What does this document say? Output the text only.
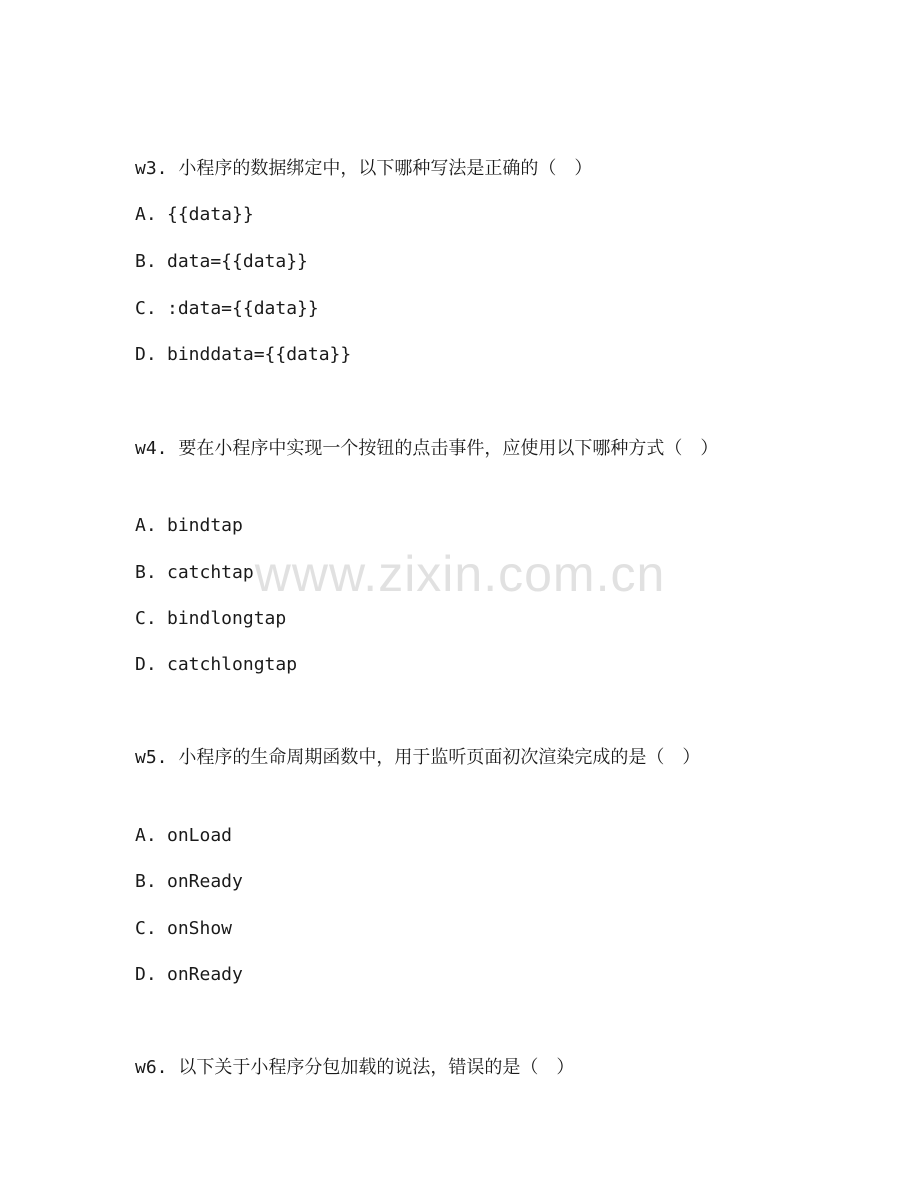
w3. 小程序的数据绑定中，以下哪种写法是正确的（　）
A. {{data}}
B. data={{data}}
C. :data={{data}}
D. binddata={{data}}
w4. 要在小程序中实现一个按钮的点击事件，应使用以下哪种方式（　）
A. bindtap
B. catchtap
C. bindlongtap
D. catchlongtap
w5. 小程序的生命周期函数中，用于监听页面初次渲染完成的是（　）
A. onLoad
B. onReady
C. onShow
D. onReady
w6. 以下关于小程序分包加载的说法，错误的是（　）
www.zixin.com.cn
